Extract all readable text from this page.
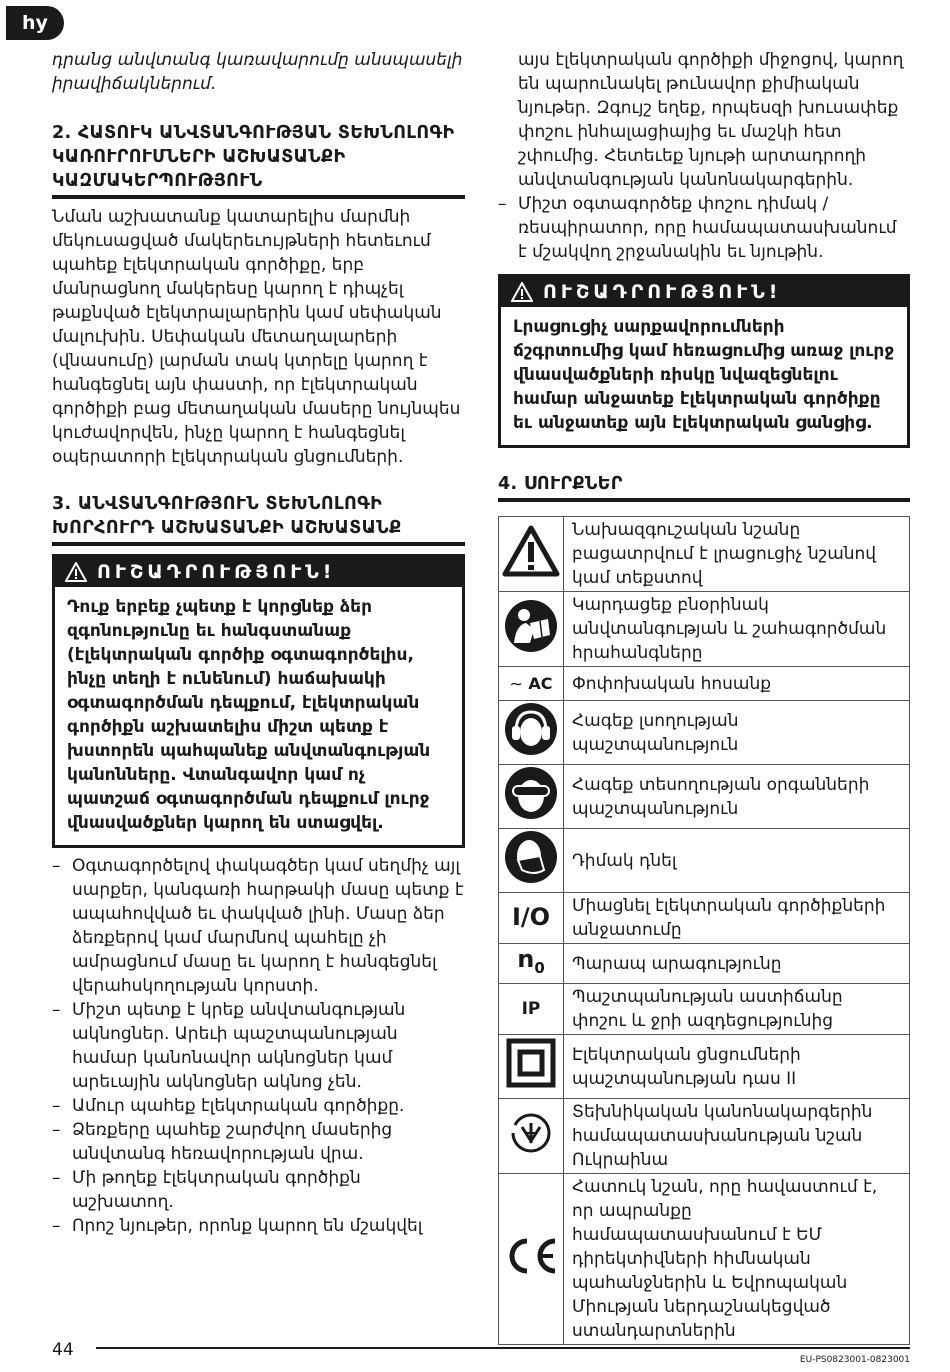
hy

դրանց անվտանգ կառավարումը անսպասելի իրավիճակներում.

2. ՀԱՏՈՒԿ ԱՆՎՏԱՆԳՈՒԹՅԱՆ ՏԵԽՆՈԼՈԳԻ ԿԱՌՈՒՐՈՒՄՆԵՐԻ ԱՇԽԱՏԱՆՔԻ ԿԱԶՄԱԿԵՐՊՈՒԹՅՈՒՆ

Նման աշխատանք կատարելիս մարմնի մեկուսացված մակերեւույթների հետեւում պահեք էլեկտրական գործիքը, երբ մանրացնող մակերեսը կարող է դիպչել թաքնված էլեկտրալարերին կամ սեփական մալուխին. Սեփական մետաղալարերի (վնասումը) լարման տակ կտրելը կարող է հանգեցնել այն փաստի, որ էլեկտրական գործիքի բաց մետաղական մասերը նույնպես կուժավորվեն, ինչը կարող է հանգեցնել օպերատորի էլեկտրական ցնցումների.

3. ԱՆՎՏԱՆԳՈՒԹՅՈՒՆ ՏԵԽՆՈԼՈԳԻ ԽՈՐՀՈՒՐԴ ԱՇԽԱՏԱՆՔԻ ԱՇԽԱՏԱՆՔ
ՈՒՇԱԴՐՈՒԹՅՈՒՆ!
Դուք երբեք չպետք է կորցնեք ձեր զգոնությունը եւ հանգստանաք (էլեկտրական գործիք օգտագործելիս, ինչը տեղի է ունենում) հաճախակի օգտագործման դեպքում, էլեկտրական գործիքն աշխատելիս միշտ պետք է խստորեն պահպանեք անվտանգության կանոնները. Վտանգավոր կամ ոչ պատշաճ օգտագործման դեպքում լուրջ վնասվածքներ կարող են ստացվել.
– Օգտագործելով փակագծեր կամ սեղմիչ այլ սարքեր, կանգառի հարթակի մասը պետք է ապահովված եւ փակված լինի. Մասը ձեր ձեռքերով կամ մարմնով պահելը չի ամրացնում մասը եւ կարող է հանգեցնել վերահսկողության կորստի.
– Միշտ պետք է կրեք անվտանգության ակնոցներ. Արեւի պաշտպանության համար կանոնավոր ակնոցներ կամ արեւային ակնոցներ ակնոց չեն.
– Ամուր պահեք էլեկտրական գործիքը.
– Ձեռքերը պահեք շարժվող մասերից անվտանգ հեռավորության վրա.
– Մի թողեք էլեկտրական գործիքն աշխատող.
– Որոշ նյութեր, որոնք կարող են մշակվել

այս էլեկտրական գործիքի միջոցով, կարող են պարունակել թունավոր քիմիական նյութեր. Զգույշ եղեք, որպեսզի խուսափեք փոշու ինհալացիայից եւ մաշկի հետ շփումից. Հետեւեք նյութի արտադրողի անվտանգության կանոնակարգերին.

– Միշտ օգտագործեք փոշու դիմակ / ռեսպիրատոր, որը համապատասխանում է մշակվող շրջանակին եւ նյութին.
ՈՒՇԱԴՐՈՒԹՅՈՒՆ!
Լրացուցիչ սարքավորումների ճշգրտումից կամ հեռացումից առաջ լուրջ վնասվածքների ռիսկը նվազեցնելու համար անջատեք էլեկտրական գործիքը եւ անջատեք այն էլեկտրական ցանցից.
4. ՍՈՒՐՔՆԵՐ
	Նախազգուշական նշանը բացատրվում է լրացուցիչ նշանով կամ տեքստով
	Կարդացեք բնօրինակ անվտանգության և շահագործման հրահանգները
∼ AC	Փոփոխական հոսանք
	Հագեք լսողության պաշտպանություն
	Հագեք տեսողության օրգանների պաշտպանություն
	Դիմակ դնել
I/O	Միացնել էլեկտրական գործիքների անջատումը
$n_0$	Պարապ արագությունը
IP	Պաշտպանության աստիճանը փոշու և ջրի ազդեցությունից
	Էլեկտրական ցնցումների պաշտպանության դաս II
	Տեխնիկական կանոնակարգերին համապատասխանության նշան Ուկրաինա
	Հատուկ նշան, որը հավաստում է, որ ապրանքը համապատասխանում է ԵՄ դիրեկտիվների հիմնական պահանջներին և Եվրոպական Միության ներդաշնակեցված ստանդարտներին
44	EU-PS0823001-0823001
